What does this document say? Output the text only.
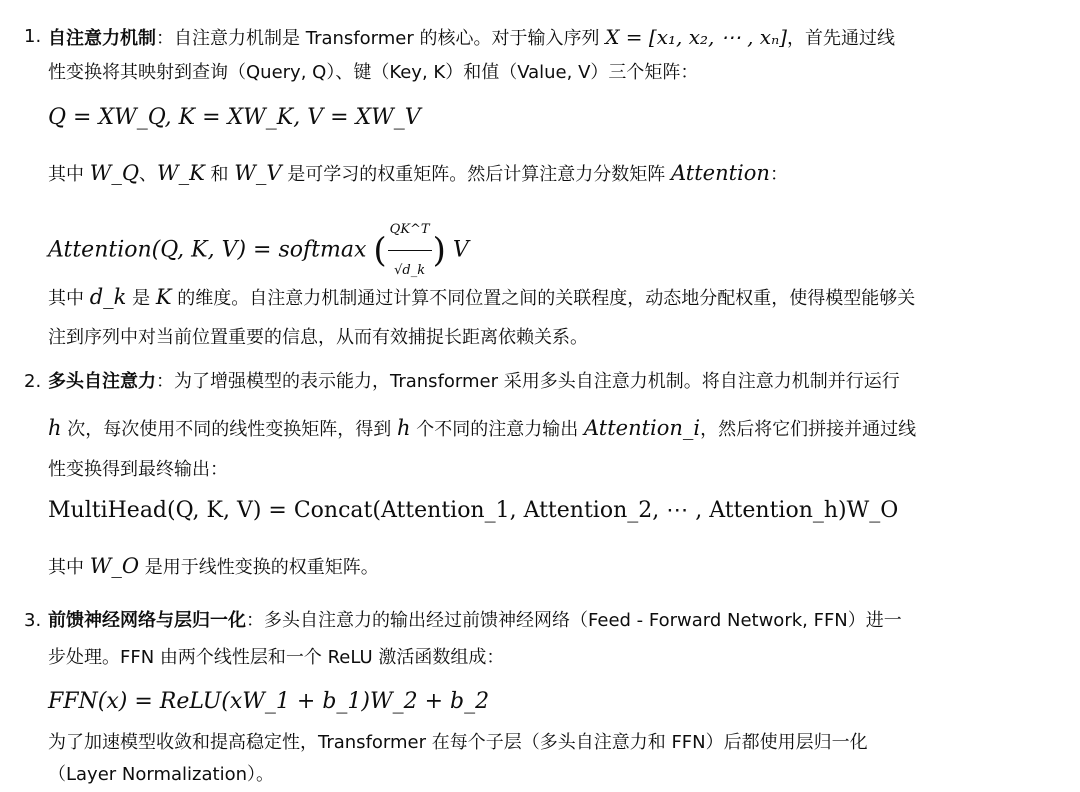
1. 自注意力机制：自注意力机制是 Transformer 的核心。对于输入序列 X = [x₁, x₂, ⋯ , xₙ]，首先通过线
性变换将其映射到查询（Query, Q）、键（Key, K）和值（Value, V）三个矩阵：
Q = XW_Q, K = XW_K, V = XW_V
其中 W_Q、W_K 和 W_V 是可学习的权重矩阵。然后计算注意力分数矩阵 Attention：
Attention(Q, K, V) = softmax ( $\frac{QK\^{}T}{√d\_k}$ ) V
其中 d_k 是 K 的维度。自注意力机制通过计算不同位置之间的关联程度，动态地分配权重，使得模型能够关
注到序列中对当前位置重要的信息，从而有效捕捉长距离依赖关系。
2. 多头自注意力：为了增强模型的表示能力，Transformer 采用多头自注意力机制。将自注意力机制并行运行
h 次，每次使用不同的线性变换矩阵，得到 h 个不同的注意力输出 Attention_i，然后将它们拼接并通过线
性变换得到最终输出：
MultiHead(Q, K, V) = Concat(Attention_1, Attention_2, ⋯ , Attention_h)W_O
其中 W_O 是用于线性变换的权重矩阵。
3. 前馈神经网络与层归一化：多头自注意力的输出经过前馈神经网络（Feed - Forward Network, FFN）进一
步处理。FFN 由两个线性层和一个 ReLU 激活函数组成：
FFN(x) = ReLU(xW_1 + b_1)W_2 + b_2
为了加速模型收敛和提高稳定性，Transformer 在每个子层（多头自注意力和 FFN）后都使用层归一化
（Layer Normalization）。
